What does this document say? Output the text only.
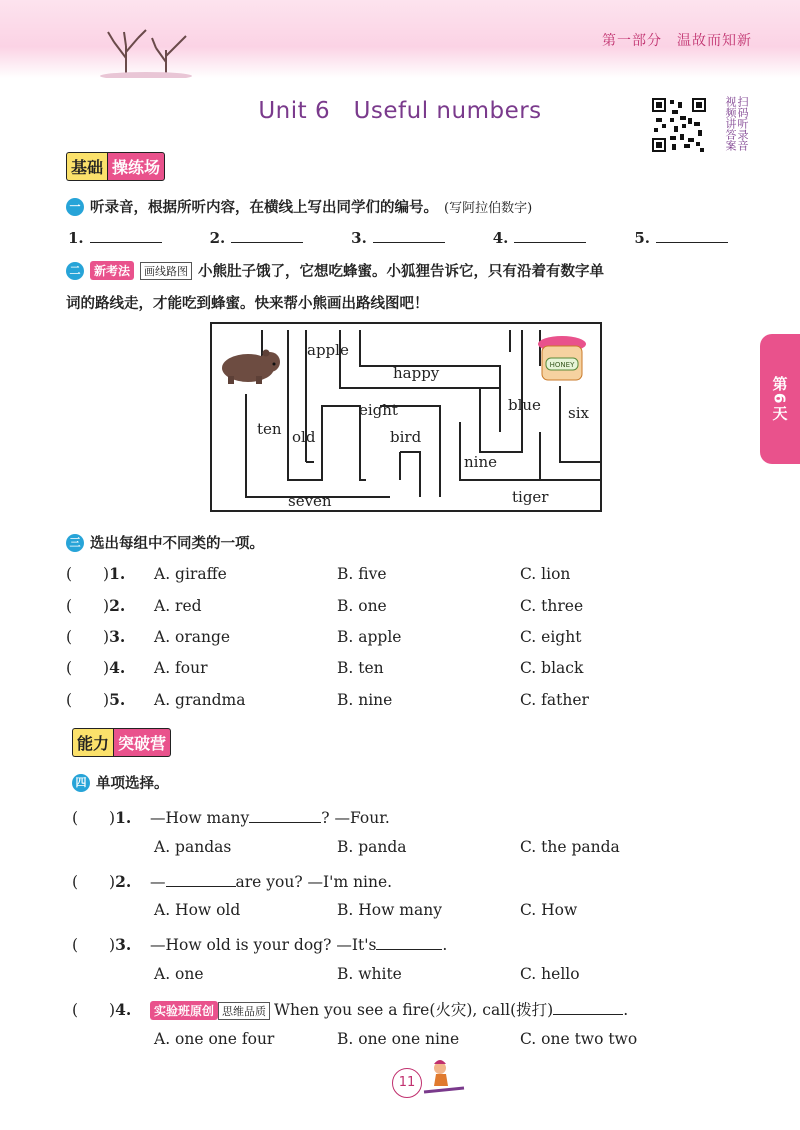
第一部分　温故而知新
Unit 6　Useful numbers	扫码听录音 视频讲答案
第6天
基础 操练场
一 听录音，根据所听内容，在横线上写出同学们的编号。 (写阿拉伯数字)
1.	2.	3.	4.	5.
二	新考法	画线路图 小熊肚子饿了，它想吃蜂蜜。小狐狸告诉它，只有沿着有数字单
词的路线走，才能吃到蜂蜜。快来帮小熊画出路线图吧！
HONEY
apple
happy
eight	blue six
ten old	bird
nine
seven	tiger
三 选出每组中不同类的一项。
(　　)1.	A. giraffe	B. five	C. lion
(　　)2.	A. red	B. one	C. three
(　　)3.	A. orange	B. apple	C. eight
(　　)4.	A. four	B. ten	C. black
(　　)5.	A. grandma	B. nine	C. father
能力 突破营
四 单项选择。
(　　)1.	—How many	? —Four.
A. pandas	B. panda	C. the panda
(　　)2.	—	are you? —I'm nine.
A. How old	B. How many	C. How
(　　)3.	—How old is your dog? —It's	.
A. one	B. white	C. hello
(　　)4.	实验班原创 思维品质 When you see a fire(火灾), call(拨打)	.
A. one one four	B. one one nine	C. one two two
11
